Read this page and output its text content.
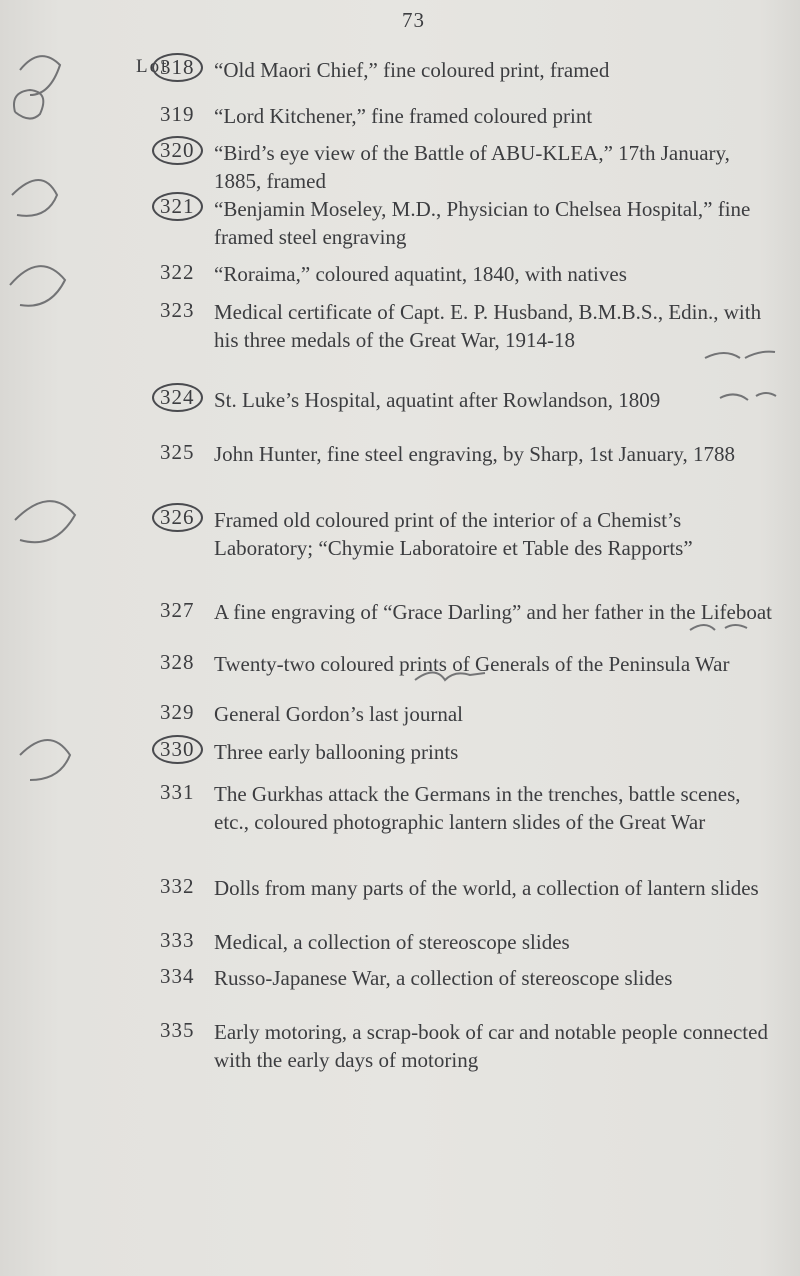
73
Lot
318 “Old Maori Chief,” fine coloured print, framed
319 “Lord Kitchener,” fine framed coloured print
320 “Bird’s eye view of the Battle of ABU-KLEA,” 17th January, 1885, framed
321 “Benjamin Moseley, M.D., Physician to Chelsea Hospital,” fine framed steel engraving
322 “Roraima,” coloured aquatint, 1840, with natives
323 Medical certificate of Capt. E. P. Husband, B.M.B.S., Edin., with his three medals of the Great War, 1914-18
324 St. Luke’s Hospital, aquatint after Rowlandson, 1809
325 John Hunter, fine steel engraving, by Sharp, 1st January, 1788
326 Framed old coloured print of the interior of a Chemist’s Laboratory; “Chymie Laboratoire et Table des Rapports”
327 A fine engraving of “Grace Darling” and her father in the Lifeboat
328 Twenty-two coloured prints of Generals of the Peninsula War
329 General Gordon’s last journal
330 Three early ballooning prints
331 The Gurkhas attack the Germans in the trenches, battle scenes, etc., coloured photographic lantern slides of the Great War
332 Dolls from many parts of the world, a collection of lantern slides
333 Medical, a collection of stereoscope slides
334 Russo-Japanese War, a collection of stereoscope slides
335 Early motoring, a scrap-book of car and notable people connected with the early days of motoring
